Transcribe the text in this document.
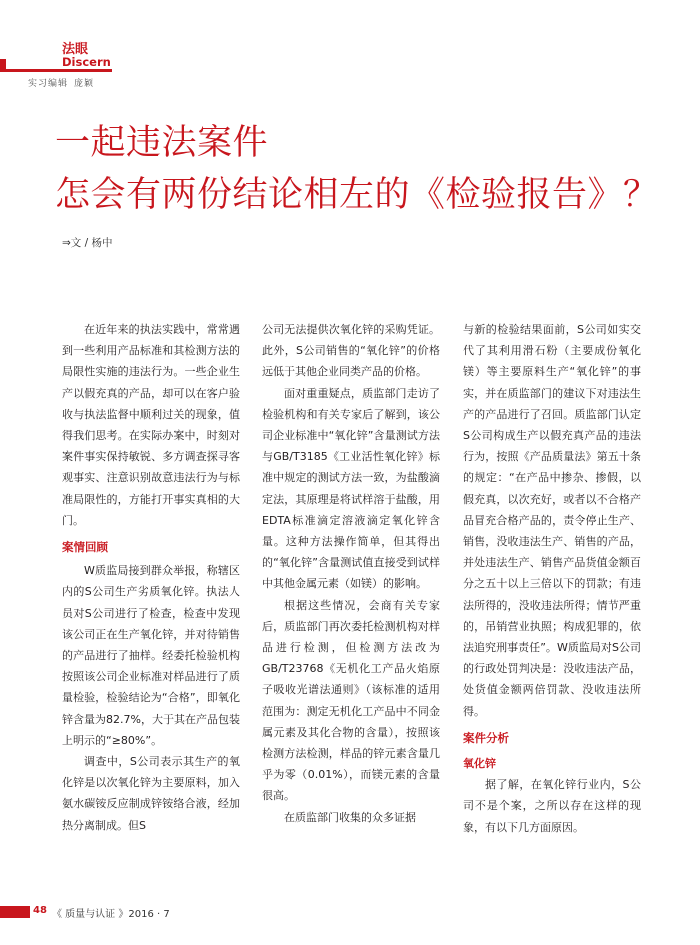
法眼
Discern
实习编辑 庞颖
一起违法案件
怎会有两份结论相左的《检验报告》？
⇒文 / 杨中

在近年来的执法实践中，常常遇到一些利用产品标准和其检测方法的局限性实施的违法行为。一些企业生产以假充真的产品，却可以在客户验收与执法监督中顺利过关的现象，值得我们思考。在实际办案中，时刻对案件事实保持敏锐、多方调查探寻客观事实、注意识别故意违法行为与标准局限性的，方能打开事实真相的大门。

案情回顾

W质监局接到群众举报，称辖区内的S公司生产劣质氧化锌。执法人员对S公司进行了检查，检查中发现该公司正在生产氧化锌，并对待销售的产品进行了抽样。经委托检验机构按照该公司企业标准对样品进行了质量检验，检验结论为“合格”，即氧化锌含量为82.7%，大于其在产品包装上明示的“≥80%”。

调查中，S公司表示其生产的氧化锌是以次氧化锌为主要原料，加入氨水碳铵反应制成锌铵络合液，经加热分离制成。但S

公司无法提供次氧化锌的采购凭证。此外，S公司销售的“氧化锌”的价格远低于其他企业同类产品的价格。

面对重重疑点，质监部门走访了检验机构和有关专家后了解到，该公司企业标准中“氧化锌”含量测试方法与GB/T3185《工业活性氧化锌》标准中规定的测试方法一致，为盐酸滴定法，其原理是将试样溶于盐酸，用EDTA标准滴定溶液滴定氧化锌含量。这种方法操作简单，但其得出的“氧化锌”含量测试值直接受到试样中其他金属元素（如镁）的影响。

根据这些情况，会商有关专家后，质监部门再次委托检测机构对样品进行检测，但检测方法改为GB/T23768《无机化工产品火焰原子吸收光谱法通则》（该标准的适用范围为：测定无机化工产品中不同金属元素及其化合物的含量），按照该检测方法检测，样品的锌元素含量几乎为零（0.01%），而镁元素的含量很高。

在质监部门收集的众多证据

与新的检验结果面前，S公司如实交代了其利用滑石粉（主要成份氧化镁）等主要原料生产“氧化锌”的事实，并在质监部门的建议下对违法生产的产品进行了召回。质监部门认定S公司构成生产以假充真产品的违法行为，按照《产品质量法》第五十条的规定：“在产品中掺杂、掺假，以假充真，以次充好，或者以不合格产品冒充合格产品的，责令停止生产、销售，没收违法生产、销售的产品，并处违法生产、销售产品货值金额百分之五十以上三倍以下的罚款；有违法所得的，没收违法所得；情节严重的，吊销营业执照；构成犯罪的，依法追究刑事责任”。W质监局对S公司的行政处罚判决是：没收违法产品，处货值金额两倍罚款、没收违法所得。

案件分析

氧化锌

据了解，在氧化锌行业内，S公司不是个案，之所以存在这样的现象，有以下几方面原因。

48 《 质量与认证 》2016 · 7
